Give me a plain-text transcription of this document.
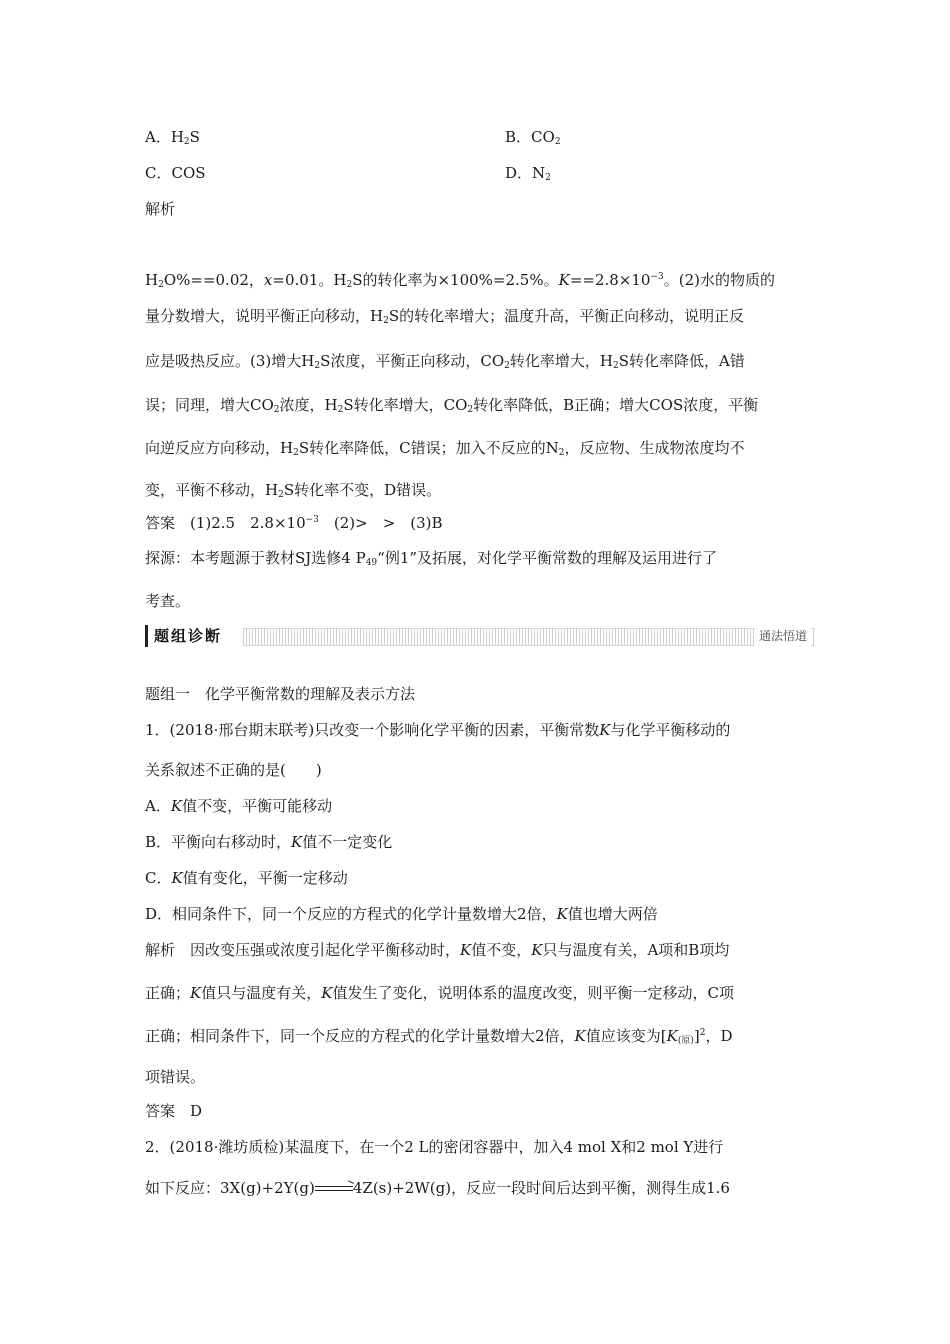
A．$H_2S$	B．$CO_2$
C．COS	D．$N_2$
解析
$H_2O\%==0.02$，x=0.01。$H_2S$的转化率为×100%=2.5%。$K==2.8\times 10^{-3}$。(2)水的物质的
量分数增大，说明平衡正向移动，$H_2S$的转化率增大；温度升高，平衡正向移动，说明正反
应是吸热反应。(3)增大$H_2S$浓度，平衡正向移动，$CO_2$转化率增大，$H_2S$转化率降低，A错
误；同理，增大$CO_2$浓度，$H_2S$转化率增大，$CO_2$转化率降低，B正确；增大COS浓度，平衡
向逆反应方向移动，$H_2S$转化率降低，C错误；加入不反应的$N_2$，反应物、生成物浓度均不
变，平衡不移动，$H_2S$转化率不变，D错误。
答案　(1)2.5　$2.8\times 10^{-3}$　(2)>　>　(3)B
探源：本考题源于教材SJ选修4 $P_{49}“$例1”及拓展，对化学平衡常数的理解及运用进行了
考查。
题组诊断	通法悟道
题组一　化学平衡常数的理解及表示方法
1．(2018·邢台期末联考)只改变一个影响化学平衡的因素，平衡常数K与化学平衡移动的
关系叙述不正确的是(　　)
A．K值不变，平衡可能移动
B．平衡向右移动时，K值不一定变化
C．K值有变化，平衡一定移动
D．相同条件下，同一个反应的方程式的化学计量数增大2倍，K值也增大两倍
解析　因改变压强或浓度引起化学平衡移动时，K值不变，K只与温度有关，A项和B项均
正确；K值只与温度有关，K值发生了变化，说明体系的温度改变，则平衡一定移动，C项
正确；相同条件下，同一个反应的方程式的化学计量数增大2倍，K值应该变为$[K_{(原)}]^2$，D
项错误。
答案　D
2．(2018·潍坊质检)某温度下，在一个2 L的密闭容器中，加入4 mol X和2 mol Y进行
如下反应：3X(g)+2Y(g)→4Z(s)+2W(g)，反应一段时间后达到平衡，测得生成1.6
